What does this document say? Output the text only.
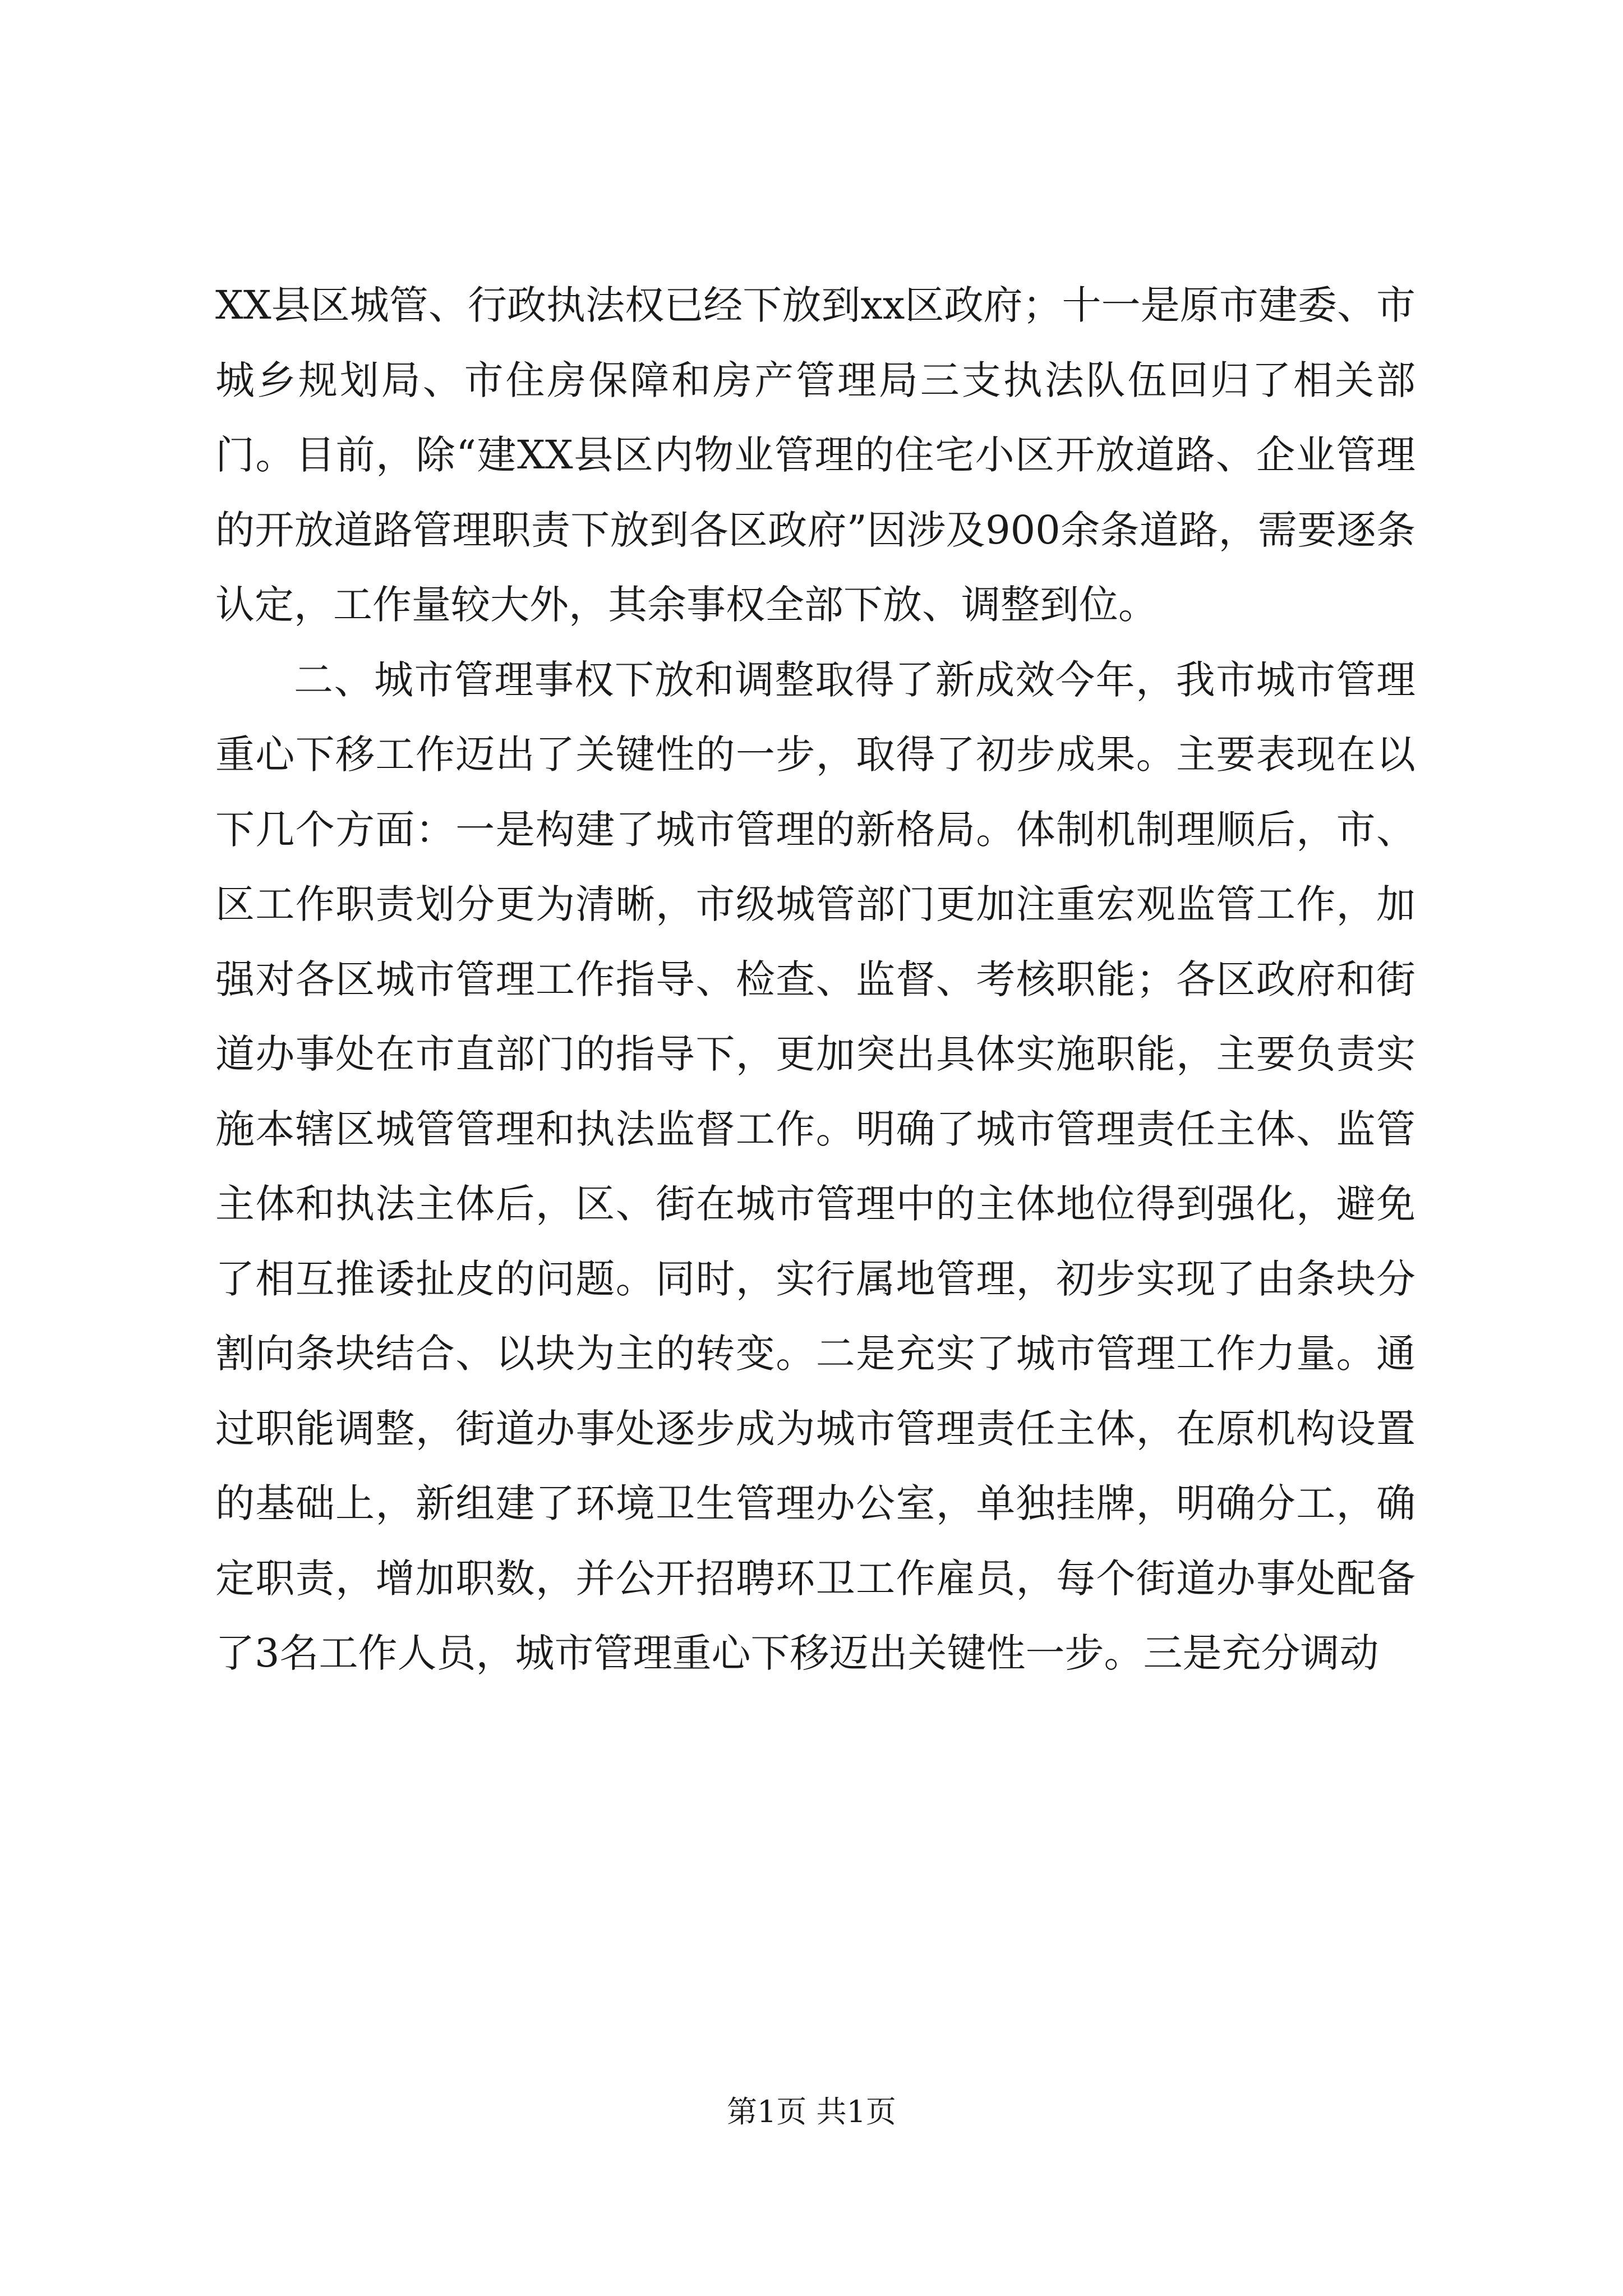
XX县区城管、行政执法权已经下放到xx区政府；十一是原市建委、市城乡规划局、市住房保障和房产管理局三支执法队伍回归了相关部门。目前，除“建XX县区内物业管理的住宅小区开放道路、企业管理的开放道路管理职责下放到各区政府”因涉及900余条道路，需要逐条认定，工作量较大外，其余事权全部下放、调整到位。

二、城市管理事权下放和调整取得了新成效今年，我市城市管理重心下移工作迈出了关键性的一步，取得了初步成果。主要表现在以下几个方面：一是构建了城市管理的新格局。体制机制理顺后，市、区工作职责划分更为清晰，市级城管部门更加注重宏观监管工作，加强对各区城市管理工作指导、检查、监督、考核职能；各区政府和街道办事处在市直部门的指导下，更加突出具体实施职能，主要负责实施本辖区城管管理和执法监督工作。明确了城市管理责任主体、监管主体和执法主体后，区、街在城市管理中的主体地位得到强化，避免了相互推诿扯皮的问题。同时，实行属地管理，初步实现了由条块分割向条块结合、以块为主的转变。二是充实了城市管理工作力量。通过职能调整，街道办事处逐步成为城市管理责任主体，在原机构设置的基础上，新组建了环境卫生管理办公室，单独挂牌，明确分工，确定职责，增加职数，并公开招聘环卫工作雇员，每个街道办事处配备了3名工作人员，城市管理重心下移迈出关键性一步。三是充分调动

第1页 共1页
